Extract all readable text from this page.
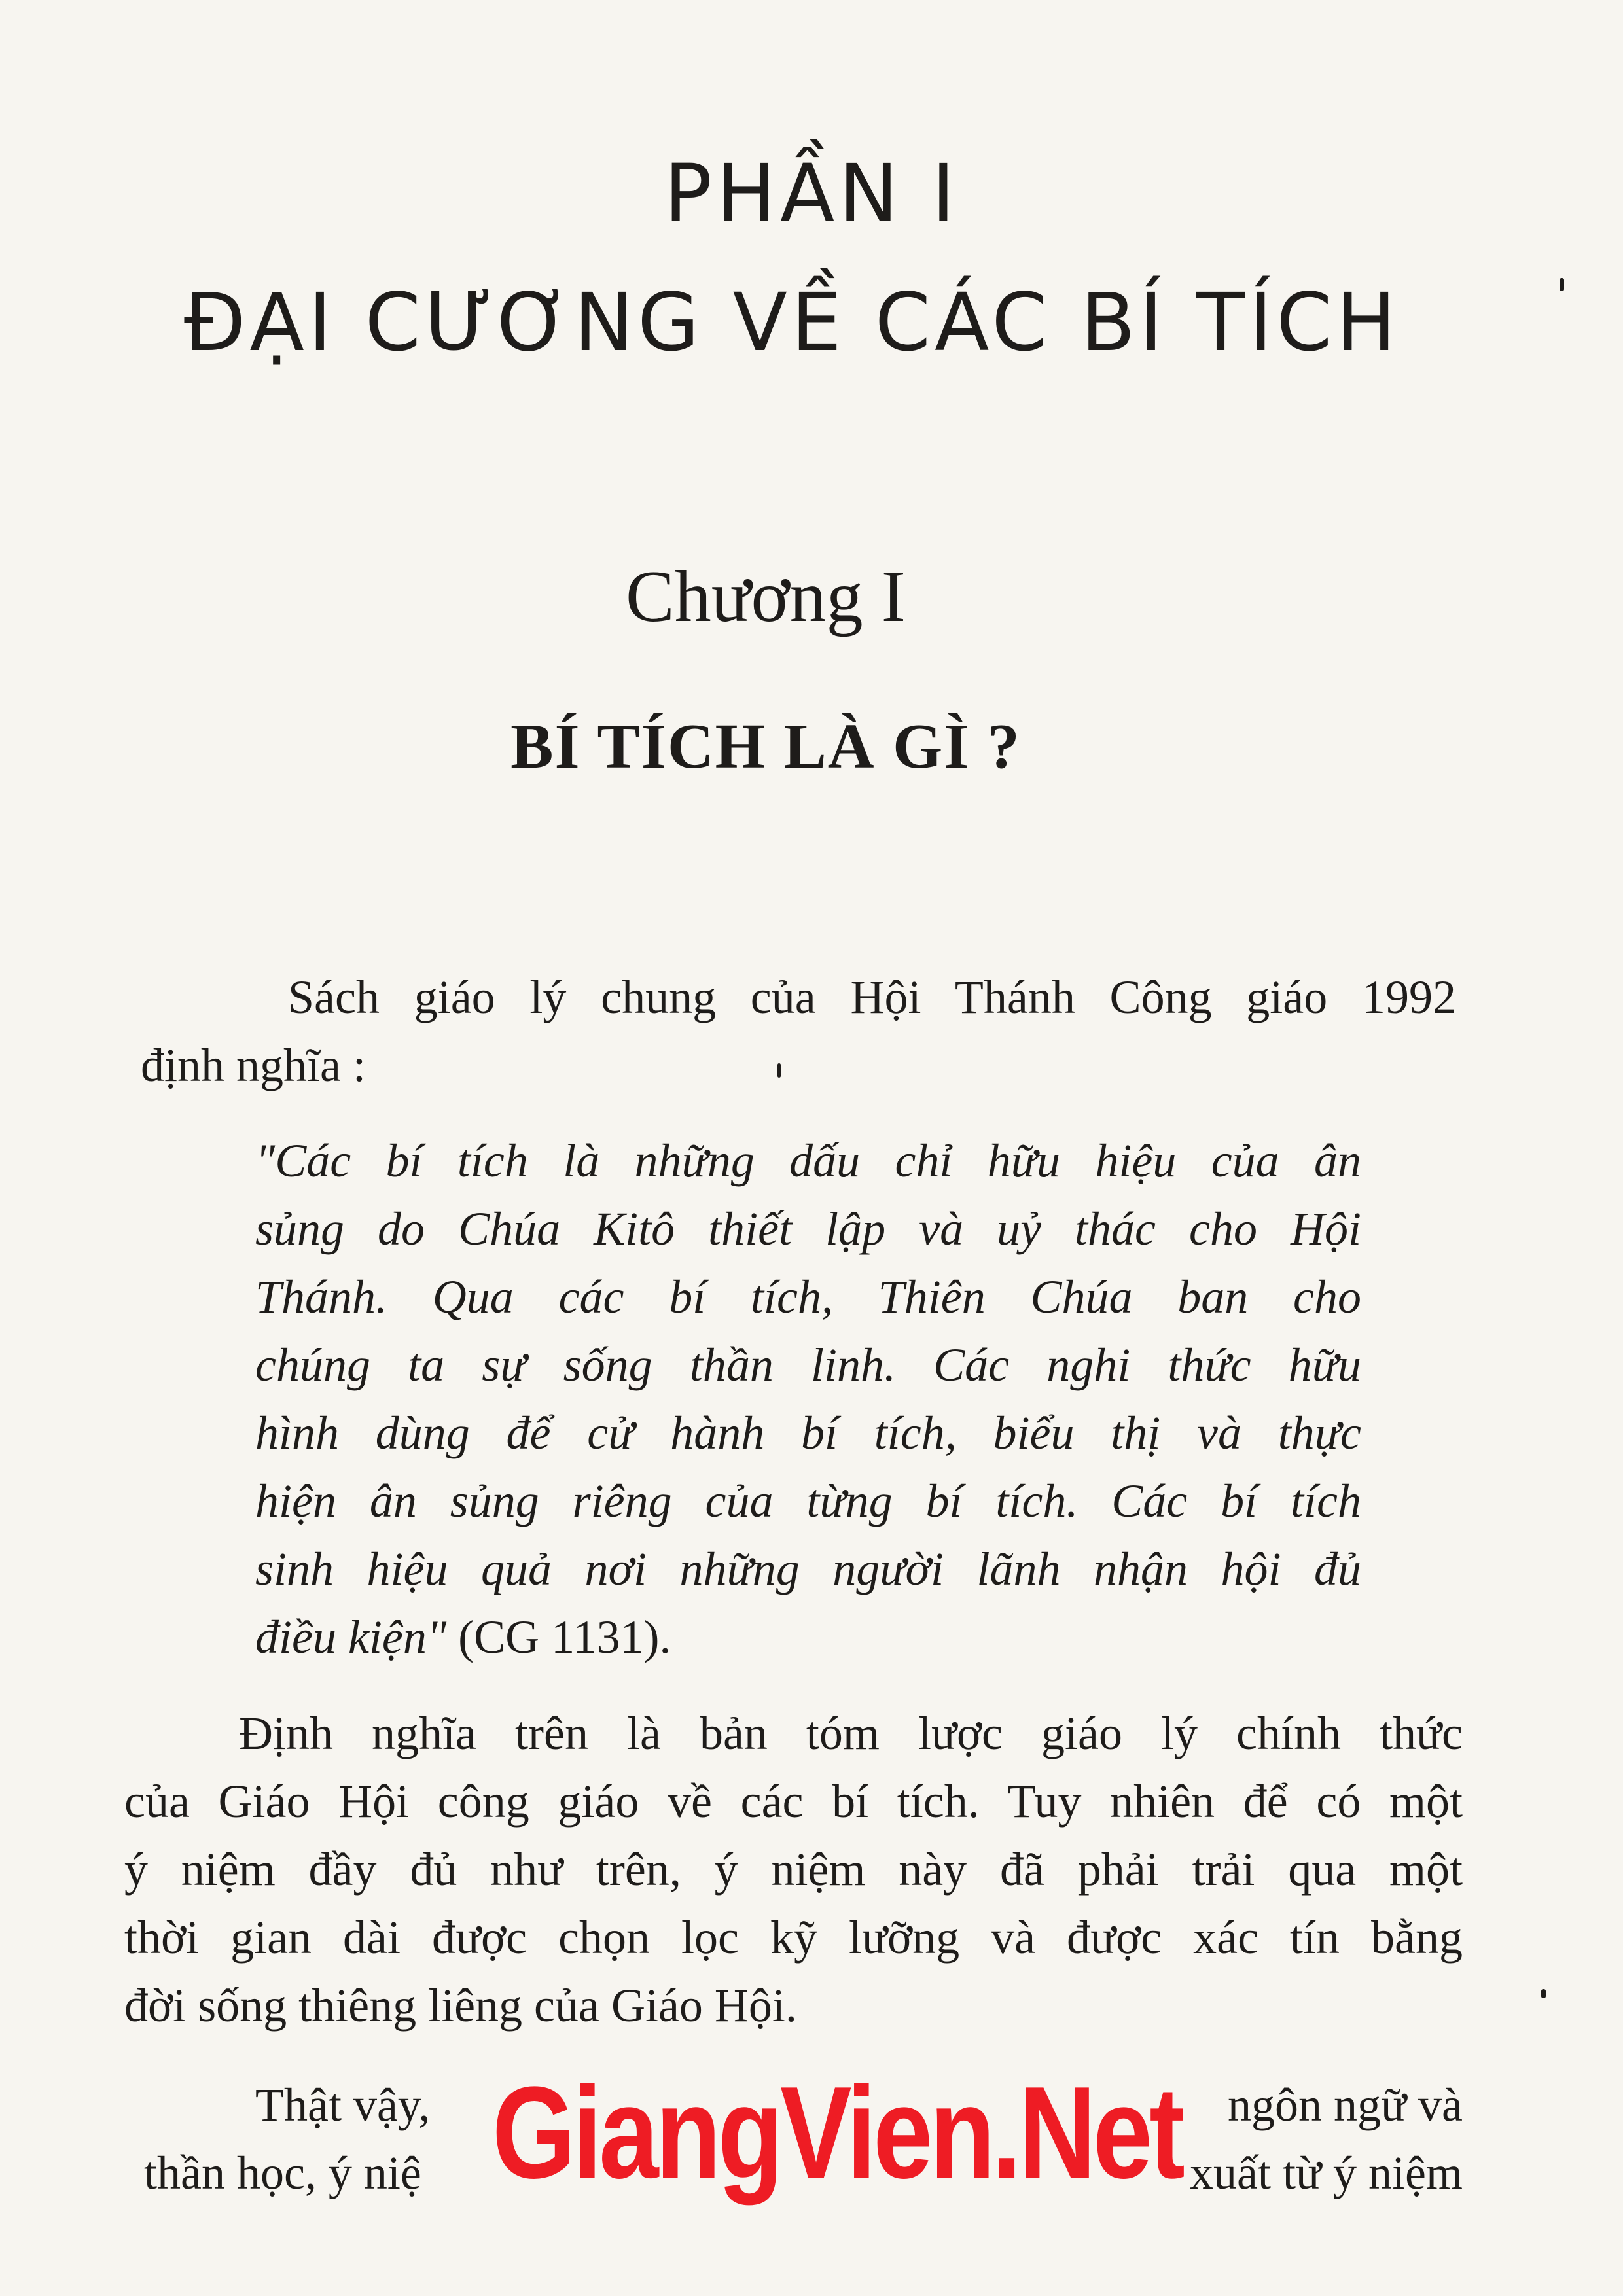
PHẦN I
ĐẠI CƯƠNG VỀ CÁC BÍ TÍCH
Chương I
BÍ TÍCH LÀ GÌ ?
Sách giáo lý chung của Hội Thánh Công giáo 1992
định nghĩa :
"Các bí tích là những dấu chỉ hữu hiệu của ân
sủng do Chúa Kitô thiết lập và uỷ thác cho Hội
Thánh. Qua các bí tích, Thiên Chúa ban cho
chúng ta sự sống thần linh. Các nghi thức hữu
hình dùng để cử hành bí tích, biểu thị và thực
hiện ân sủng riêng của từng bí tích. Các bí tích
sinh hiệu quả nơi những người lãnh nhận hội đủ
điều kiện" (CG 1131).
Định nghĩa trên là bản tóm lược giáo lý chính thức
của Giáo Hội công giáo về các bí tích. Tuy nhiên để có một
ý niệm đầy đủ như trên, ý niệm này đã phải trải qua một
thời gian dài được chọn lọc kỹ lưỡng và được xác tín bằng
đời sống thiêng liêng của Giáo Hội.
Thật vậy,	ngôn ngữ và
thần học, ý niệ	xuất từ ý niệm
GiangVien.Net
